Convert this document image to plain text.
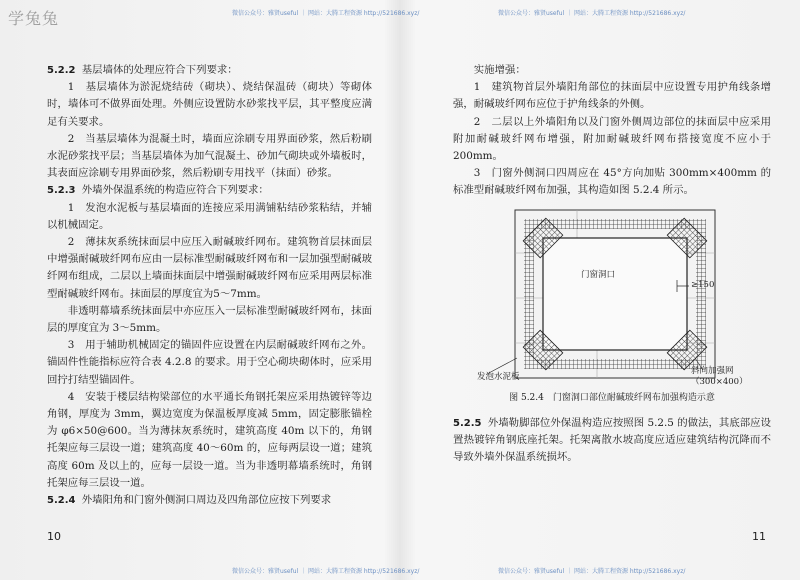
学兔兔	微信公众号：雅贤useful ｜ 网站：大腾工程资源 http://521686.xyz/	微信公众号：雅贤useful ｜ 网站：大腾工程资源 http://521686.xyz/
微信公众号：雅贤useful ｜ 网站：大腾工程资源 http://521686.xyz/	微信公众号：雅贤useful ｜ 网站：大腾工程资源 http://521686.xyz/

5.2.2 基层墙体的处理应符合下列要求：

1　基层墙体为淤泥烧结砖（砌块）、烧结保温砖（砌块）等砌体时，墙体可不做界面处理。外侧应设置防水砂浆找平层，其平整度应满足有关要求。

2　当基层墙体为混凝土时，墙面应涂刷专用界面砂浆，然后粉刷水泥砂浆找平层；当基层墙体为加气混凝土、砂加气砌块或外墙板时，其表面应涂刷专用界面砂浆，然后粉刷专用找平（抹面）砂浆。

5.2.3 外墙外保温系统的构造应符合下列要求：

1　发泡水泥板与基层墙面的连接应采用满铺粘结砂浆粘结，并辅以机械固定。

2　薄抹灰系统抹面层中应压入耐碱玻纤网布。建筑物首层抹面层中增强耐碱玻纤网布应由一层标准型耐碱玻纤网布和一层加强型耐碱玻纤网布组成，二层以上墙面抹面层中增强耐碱玻纤网布应采用两层标准型耐碱玻纤网布。抹面层的厚度宜为5～7mm。

非透明幕墙系统抹面层中亦应压入一层标准型耐碱玻纤网布，抹面层的厚度宜为 3～5mm。

3　用于辅助机械固定的锚固件应设置在内层耐碱玻纤网布之外。锚固件性能指标应符合表 4.2.8 的要求。用于空心砌块砌体时，应采用回拧打结型锚固件。

4　安装于楼层结构梁部位的水平通长角钢托架应采用热镀锌等边角钢，厚度为 3mm，翼边宽度为保温板厚度减 5mm，固定膨胀锚栓为 φ6×50@600。当为薄抹灰系统时，建筑高度 40m 以下的，角钢托架应每三层设一道；建筑高度 40～60m 的，应每两层设一道；建筑高度 60m 及以上的，应每一层设一道。当为非透明幕墙系统时，角钢托架应每三层设一道。

5.2.4 外墙阳角和门窗外侧洞口周边及四角部位应按下列要求

10

实施增强：

1　建筑物首层外墙阳角部位的抹面层中应设置专用护角线条增强，耐碱玻纤网布应位于护角线条的外侧。

2　二层以上外墙阳角以及门窗外侧周边部位的抹面层中应采用附加耐碱玻纤网布增强，附加耐碱玻纤网布搭接宽度不应小于 200mm。

3　门窗外侧洞口四周应在 45°方向加贴 300mm×400mm 的标准型耐碱玻纤网布加强，其构造如图 5.2.4 所示。

门窗洞口
≥150
发泡水泥板
斜向加强网
（300×400）

图 5.2.4　门窗洞口部位耐碱玻纤网布加强构造示意

5.2.5 外墙勒脚部位外保温构造应按照图 5.2.5 的做法，其底部应设置热镀锌角钢底座托架。托架离散水坡高度应适应建筑结构沉降而不导致外墙外保温系统损坏。

11
